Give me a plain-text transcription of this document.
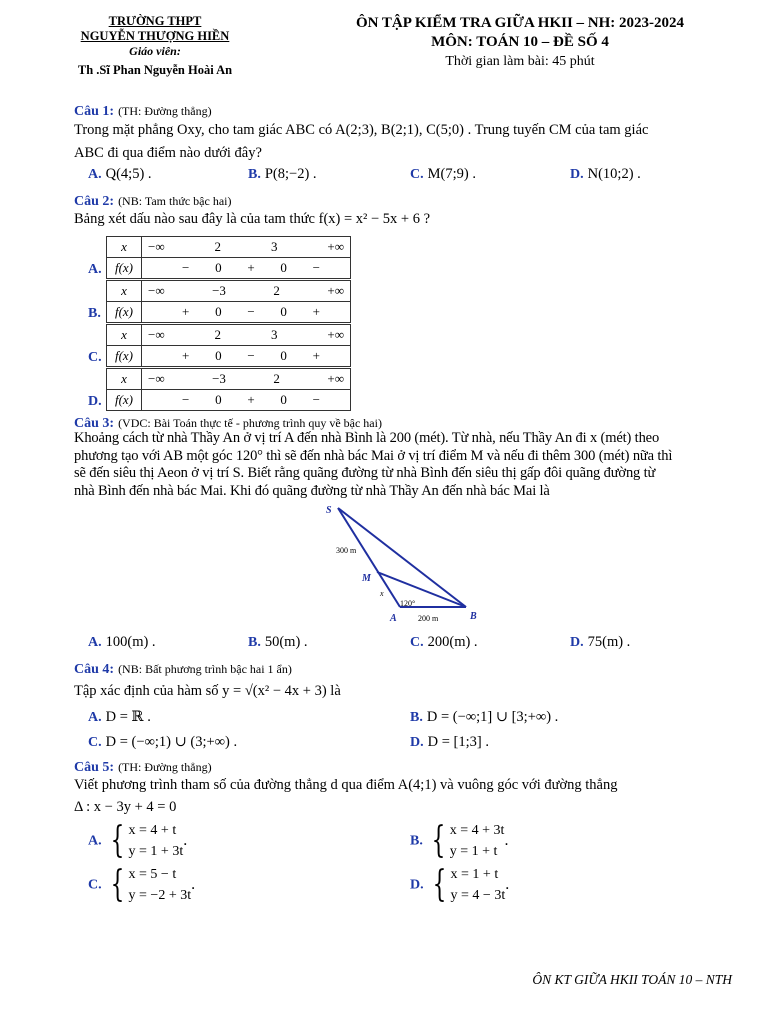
TRƯỜNG THPT
NGUYỄN THƯỢNG HIỀN
Giáo viên:
Th .Sĩ Phan Nguyễn Hoài An
ÔN TẬP KIỂM TRA GIỮA HKII – NH: 2023-2024
MÔN: TOÁN 10 – ĐỀ SỐ 4
Thời gian làm bài: 45 phút
Câu 1: (TH: Đường thẳng)
Trong mặt phẳng Oxy, cho tam giác ABC có A(2;3), B(2;1), C(5;0) . Trung tuyến CM của tam giác
ABC đi qua điểm nào dưới đây?
A. Q(4;5) .	B. P(8;−2) .	C. M(7;9) .	D. N(10;2) .
Câu 2: (NB: Tam thức bậc hai)
Bảng xét dấu nào sau đây là của tam thức f(x) = x² − 5x + 6 ?
A.
x	−∞ 2 3 +∞

f(x)	− 0 + 0 −
B.
x	−∞ −3 2 +∞

f(x)	+ 0 − 0 +
C.
x	−∞ 2 3 +∞

f(x)	+ 0 − 0 +
D.
x	−∞ −3 2 +∞

f(x)	− 0 + 0 −
Câu 3: (VDC: Bài Toán thực tế - phương trình quy về bậc hai)
Khoảng cách từ nhà Thầy An ở vị trí A đến nhà Bình là 200 (mét). Từ nhà, nếu Thầy An đi x (mét) theo
phương tạo với AB một góc 120° thì sẽ đến nhà bác Mai ở vị trí điểm M và nếu đi thêm 300 (mét) nữa thì
sẽ đến siêu thị Aeon ở vị trí S. Biết rằng quãng đường từ nhà Bình đến siêu thị gấp đôi quãng đường từ
nhà Bình đến nhà bác Mai. Khi đó quãng đường từ nhà Thầy An đến nhà bác Mai là
S
300 m
M
x
120°
A	200 m	B
A. 100(m) .	B. 50(m) .	C. 200(m) .	D. 75(m) .
Câu 4: (NB: Bất phương trình bậc hai 1 ẩn)
Tập xác định của hàm số y = √(x² − 4x + 3) là
A. D = ℝ .	B. D = (−∞;1] ∪ [3;+∞) .
C. D = (−∞;1) ∪ (3;+∞) .	D. D = [1;3] .
Câu 5: (TH: Đường thẳng)
Viết phương trình tham số của đường thẳng d qua điểm A(4;1) và vuông góc với đường thẳng
Δ : x − 3y + 4 = 0
A. { x = 4 + t
y = 1 + 3t
.	B. { x = 4 + 3t
y = 1 + t
.
C. { x = 5 − t
y = −2 + 3t
.	D. { x = 1 + t
y = 4 − 3t
.
ÔN KT GIỮA HKII TOÁN 10 – NTH
